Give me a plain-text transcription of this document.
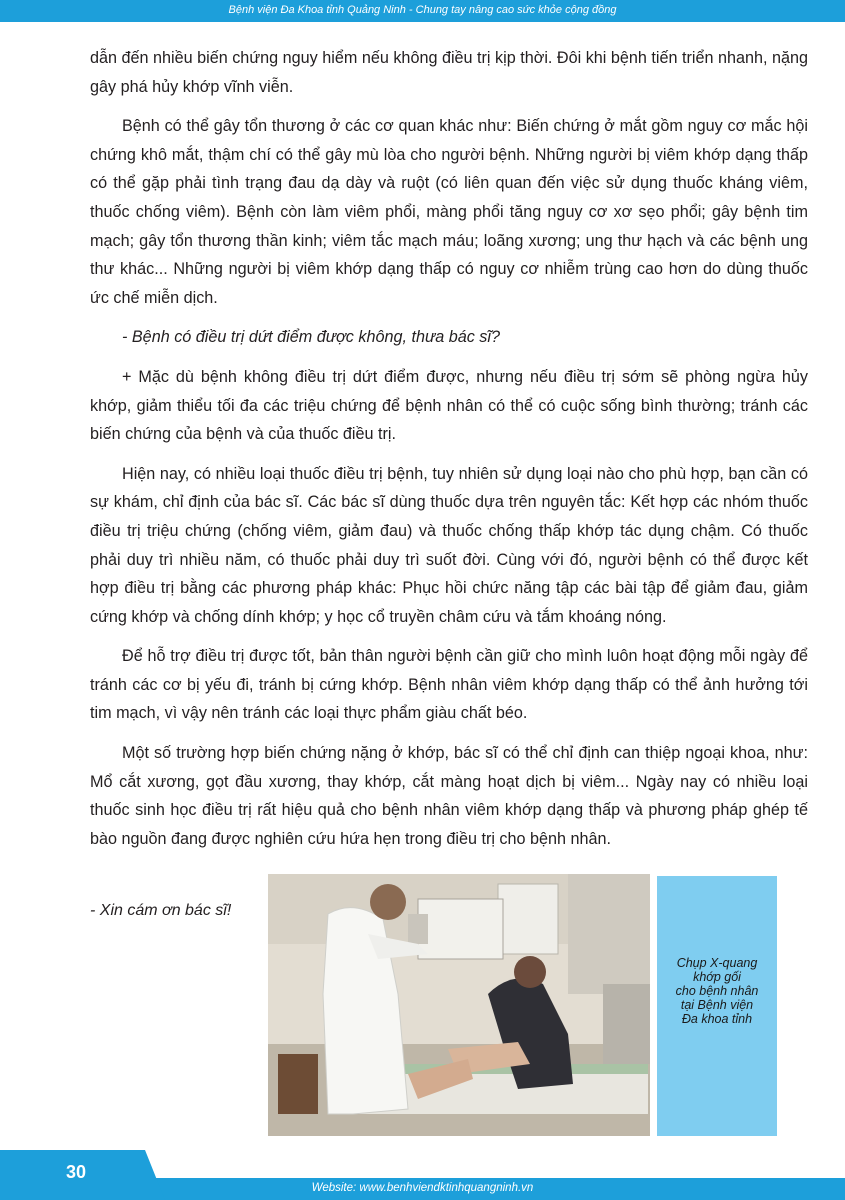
Bệnh viện Đa Khoa tỉnh Quảng Ninh - Chung tay nâng cao sức khỏe cộng đồng

dẫn đến nhiều biến chứng nguy hiểm nếu không điều trị kịp thời. Đôi khi bệnh tiến triển nhanh, nặng gây phá hủy khớp vĩnh viễn.

Bệnh có thể gây tổn thương ở các cơ quan khác như: Biến chứng ở mắt gồm nguy cơ mắc hội chứng khô mắt, thậm chí có thể gây mù lòa cho người bệnh. Những người bị viêm khớp dạng thấp có thể gặp phải tình trạng đau dạ dày và ruột (có liên quan đến việc sử dụng thuốc kháng viêm, thuốc chống viêm). Bệnh còn làm viêm phổi, màng phổi tăng nguy cơ xơ sẹo phổi; gây bệnh tim mạch; gây tổn thương thần kinh; viêm tắc mạch máu; loãng xương; ung thư hạch và các bệnh ung thư khác... Những người bị viêm khớp dạng thấp có nguy cơ nhiễm trùng cao hơn do dùng thuốc ức chế miễn dịch.

- Bệnh có điều trị dứt điểm được không, thưa bác sĩ?

+ Mặc dù bệnh không điều trị dứt điểm được, nhưng nếu điều trị sớm sẽ phòng ngừa hủy khớp, giảm thiểu tối đa các triệu chứng để bệnh nhân có thể có cuộc sống bình thường; tránh các biến chứng của bệnh và của thuốc điều trị.

Hiện nay, có nhiều loại thuốc điều trị bệnh, tuy nhiên sử dụng loại nào cho phù hợp, bạn cần có sự khám, chỉ định của bác sĩ. Các bác sĩ dùng thuốc dựa trên nguyên tắc: Kết hợp các nhóm thuốc điều trị triệu chứng (chống viêm, giảm đau) và thuốc chống thấp khớp tác dụng chậm. Có thuốc phải duy trì nhiều năm, có thuốc phải duy trì suốt đời. Cùng với đó, người bệnh có thể được kết hợp điều trị bằng các phương pháp khác: Phục hồi chức năng tập các bài tập để giảm đau, giảm cứng khớp và chống dính khớp; y học cổ truyền châm cứu và tắm khoáng nóng.

Để hỗ trợ điều trị được tốt, bản thân người bệnh cần giữ cho mình luôn hoạt động mỗi ngày để tránh các cơ bị yếu đi, tránh bị cứng khớp. Bệnh nhân viêm khớp dạng thấp có thể ảnh hưởng tới tim mạch, vì vậy nên tránh các loại thực phẩm giàu chất béo.

Một số trường hợp biến chứng nặng ở khớp, bác sĩ có thể chỉ định can thiệp ngoại khoa, như: Mổ cắt xương, gọt đầu xương, thay khớp, cắt màng hoạt dịch bị viêm... Ngày nay có nhiều loại thuốc sinh học điều trị rất hiệu quả cho bệnh nhân viêm khớp dạng thấp và phương pháp ghép tế bào nguồn đang được nghiên cứu hứa hẹn trong điều trị cho bệnh nhân.

- Xin cám ơn bác sĩ!
Chụp X-quang
khớp gối
cho bệnh nhân
tại Bệnh viện
Đa khoa tỉnh
30
Website: www.benhviendktinhquangninh.vn
